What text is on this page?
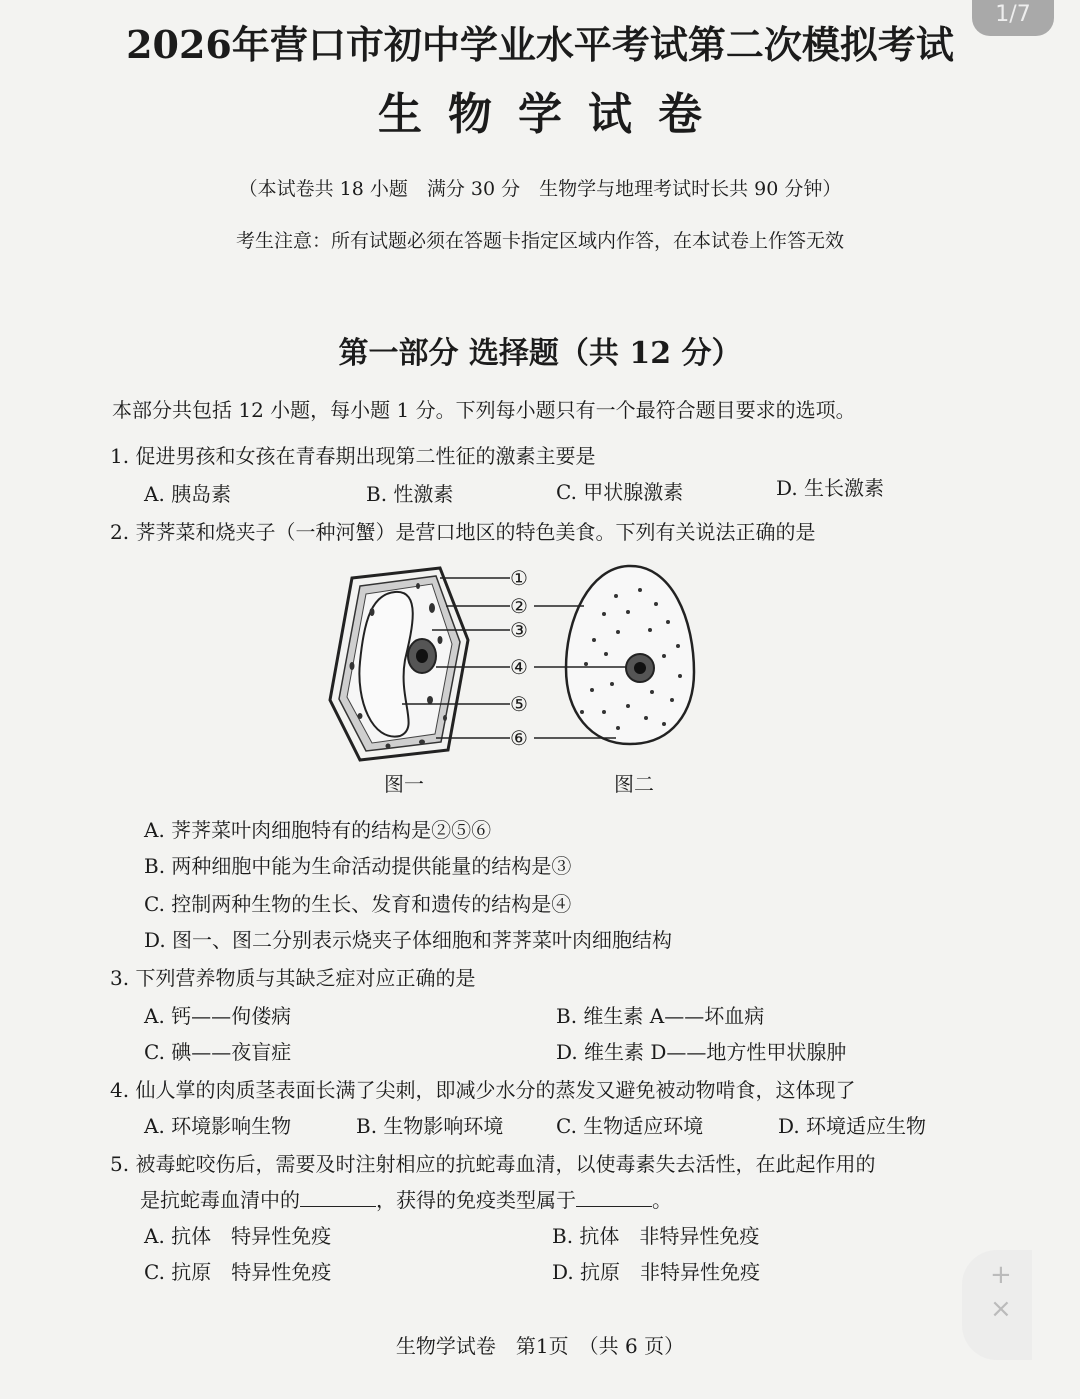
1/7
2026年营口市初中学业水平考试第二次模拟考试
生物学试卷
（本试卷共 18 小题　满分 30 分　生物学与地理考试时长共 90 分钟）
考生注意：所有试题必须在答题卡指定区域内作答，在本试卷上作答无效
第一部分 选择题（共 12 分）
本部分共包括 12 小题，每小题 1 分。下列每小题只有一个最符合题目要求的选项。
1. 促进男孩和女孩在青春期出现第二性征的激素主要是
A. 胰岛素	B. 性激素	C. 甲状腺激素	D. 生长激素
2. 荠荠菜和烧夹子（一种河蟹）是营口地区的特色美食。下列有关说法正确的是
①
②
③
④
⑤
⑥
图一	图二
A. 荠荠菜叶肉细胞特有的结构是②⑤⑥
B. 两种细胞中能为生命活动提供能量的结构是③
C. 控制两种生物的生长、发育和遗传的结构是④
D. 图一、图二分别表示烧夹子体细胞和荠荠菜叶肉细胞结构
3. 下列营养物质与其缺乏症对应正确的是
A. 钙——佝偻病	B. 维生素 A——坏血病
C. 碘——夜盲症	D. 维生素 D——地方性甲状腺肿
4. 仙人掌的肉质茎表面长满了尖刺，即减少水分的蒸发又避免被动物啃食，这体现了
A. 环境影响生物	B. 生物影响环境	C. 生物适应环境	D. 环境适应生物
5. 被毒蛇咬伤后，需要及时注射相应的抗蛇毒血清，以使毒素失去活性，在此起作用的
是抗蛇毒血清中的	，获得的免疫类型属于	。
A. 抗体　特异性免疫	B. 抗体　非特异性免疫
C. 抗原　特异性免疫	D. 抗原　非特异性免疫
生物学试卷　第1页　（共 6 页）
+
×
